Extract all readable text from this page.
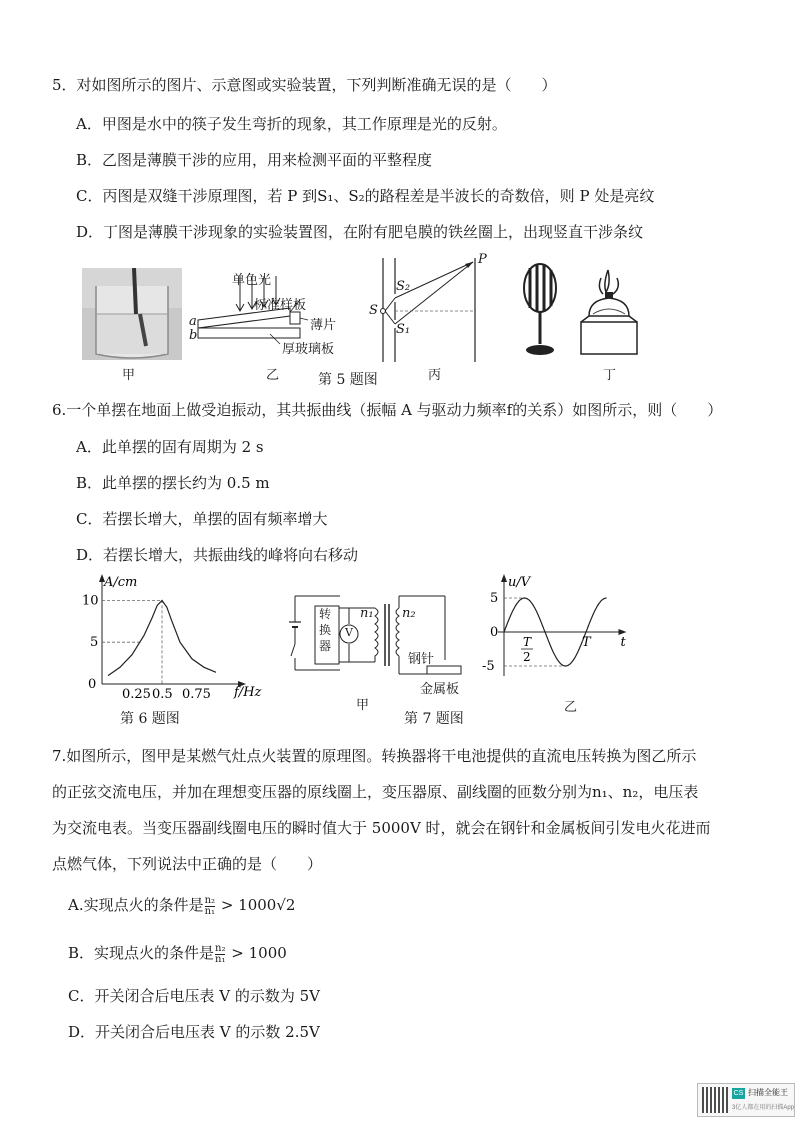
5．对如图所示的图片、示意图或实验装置，下列判断准确无误的是（　　）
A．甲图是水中的筷子发生弯折的现象，其工作原理是光的反射。
B．乙图是薄膜干涉的应用，用来检测平面的平整程度
C．丙图是双缝干涉原理图，若 P 到S₁、S₂的路程差是半波长的奇数倍，则 P 处是亮纹
D．丁图是薄膜干涉现象的实验装置图，在附有肥皂膜的铁丝圈上，出现竖直干涉条纹
甲
单色光
标准样板
薄片
厚玻璃板
a
b
乙	第 5 题图
P
S
S₂
S₁
丙	丁
6.一个单摆在地面上做受迫振动，其共振曲线（振幅 A 与驱动力频率f的关系）如图所示，则（　　）
A．此单摆的固有周期为 2 s
B．此单摆的摆长约为 0.5 m
C．若摆长增大，单摆的固有频率增大
D．若摆长增大，共振曲线的峰将向右移动
A/cm
f/Hz
0
0.25 0.5 0.75
5
10
第 6 题图
转换器
V
n₁ n₂
钢针
金属板
甲
第 7 题图
u/V
t
0
5
-5
T
T
2
乙
7.如图所示，图甲是某燃气灶点火装置的原理图。转换器将干电池提供的直流电压转换为图乙所示
的正弦交流电压，并加在理想变压器的原线圈上，变压器原、副线圈的匝数分别为n₁、n₂，电压表
为交流电表。当变压器副线圈电压的瞬时值大于 5000V 时，就会在钢针和金属板间引发电火花进而
点燃气体，下列说法中正确的是（　　）
A.实现点火的条件是 $\frac{\text{n₂}}{\text{n₁}} > 1000√2$
B．实现点火的条件是 $\frac{\text{n₂}}{\text{n₁}} > 1000$
C．开关闭合后电压表 V 的示数为 5V
D．开关闭合后电压表 V 的示数 2.5V
CS 扫描全能王
3亿人都在用的扫描App
